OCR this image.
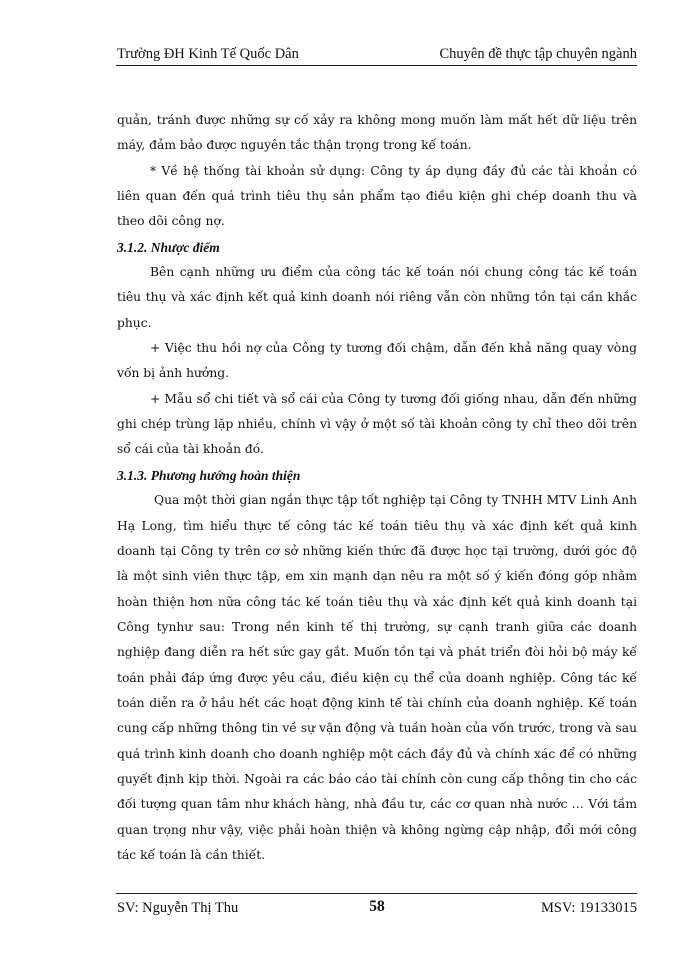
Trường ĐH Kinh Tế Quốc Dân	Chuyên đề thực tập chuyên ngành

quản, tránh được những sự cố xảy ra không mong muốn làm mất hết dữ liệu trên máy, đảm bảo được nguyên tắc thận trọng trong kế toán.

* Về hệ thống tài khoản sử dụng: Công ty áp dụng đầy đủ các tài khoản có liên quan đến quá trình tiêu thụ sản phẩm tạo điều kiện ghi chép doanh thu và theo dõi công nợ.

3.1.2. Nhược điểm

Bên cạnh những ưu điểm của công tác kế toán nói chung công tác kế toán tiêu thụ và xác định kết quả kinh doanh nói riêng vẫn còn những tồn tại cần khắc phục.

+ Việc thu hồi nợ của Công ty tương đối chậm, dẫn đến khả năng quay vòng vốn bị ảnh hưởng.

+ Mẫu sổ chi tiết và sổ cái của Công ty tương đối giống nhau, dẫn đến những ghi chép trùng lặp nhiều, chính vì vậy ở một số tài khoản công ty chỉ theo dõi trên sổ cái của tài khoản đó.

3.1.3. Phương hướng hoàn thiện

Qua một thời gian ngắn thực tập tốt nghiệp tại Công ty TNHH MTV Linh Anh Hạ Long, tìm hiểu thực tế công tác kế toán tiêu thụ và xác định kết quả kinh doanh tại Công ty trên cơ sở những kiến thức đã được học tại trường, dưới góc độ là một sinh viên thực tập, em xin mạnh dạn nêu ra một số ý kiến đóng góp nhằm hoàn thiện hơn nữa công tác kế toán tiêu thụ và xác định kết quả kinh doanh tại Công tynhư sau: Trong nền kinh tế thị trường, sự cạnh tranh giữa các doanh nghiệp đang diễn ra hết sức gay gắt. Muốn tồn tại và phát triển đòi hỏi bộ máy kế toán phải đáp ứng được yêu cầu, điều kiện cụ thể của doanh nghiệp. Công tác kế toán diễn ra ở hầu hết các hoạt động kinh tế tài chính của doanh nghiệp. Kế toán cung cấp những thông tin về sự vận động và tuần hoàn của vốn trước, trong và sau quá trình kinh doanh cho doanh nghiệp một cách đầy đủ và chính xác để có những quyết định kịp thời. Ngoài ra các báo cáo tài chính còn cung cấp thông tin cho các đối tượng quan tâm như khách hàng, nhà đầu tư, các cơ quan nhà nước … Với tầm quan trọng như vậy, việc phải hoàn thiện và không ngừng cập nhập, đổi mới công tác kế toán là cần thiết.

SV: Nguyễn Thị Thu	58	MSV: 19133015
